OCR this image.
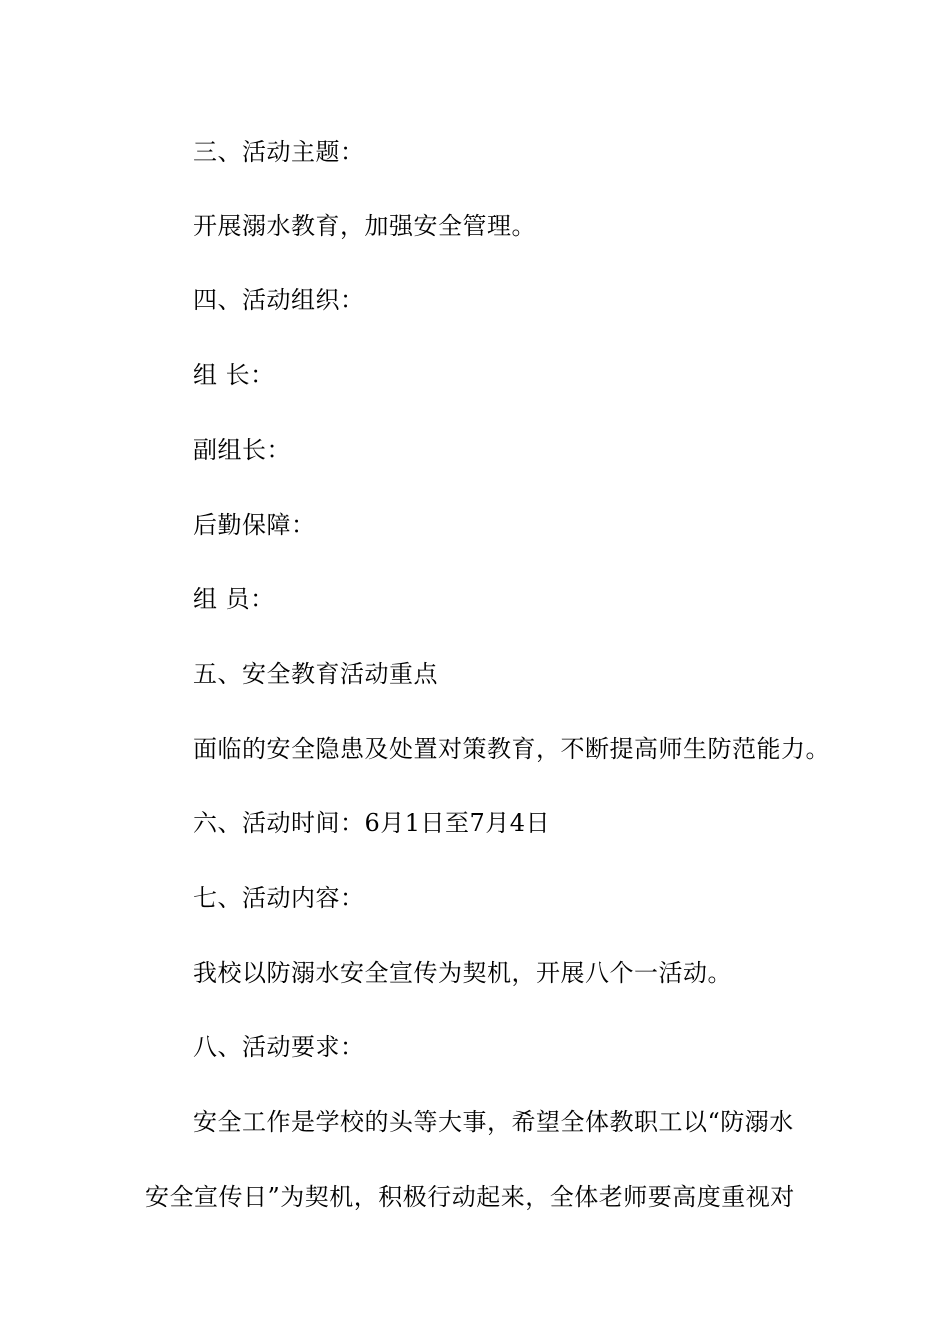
三、活动主题：
开展溺水教育，加强安全管理。
四、活动组织：
组 长：
副组长：
后勤保障：
组 员：
五、安全教育活动重点
面临的安全隐患及处置对策教育，不断提高师生防范能力。
六、活动时间：6月1日至7月4日
七、活动内容：
我校以防溺水安全宣传为契机，开展八个一活动。
八、活动要求：
安全工作是学校的头等大事，希望全体教职工以“防溺水
安全宣传日”为契机，积极行动起来，全体老师要高度重视对
